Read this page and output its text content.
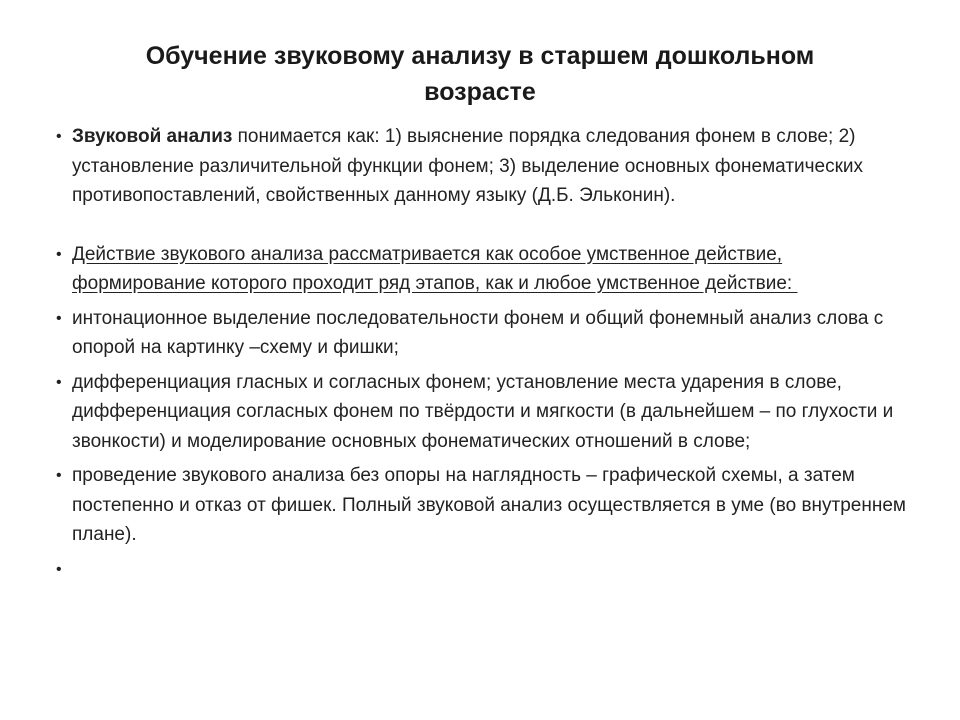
Обучение звуковому анализу в старшем дошкольном возрасте
• Звуковой анализ понимается как: 1) выяснение порядка следования фонем в слове; 2) установление различительной функции фонем; 3) выделение основных фонематических противопоставлений, свойственных данному языку (Д.Б. Эльконин).
• Действие звукового анализа рассматривается как особое умственное действие, формирование которого проходит ряд этапов, как и любое умственное действие:
• интонационное выделение последовательности фонем и общий фонемный анализ слова с опорой на картинку –схему и фишки;
• дифференциация гласных и согласных фонем; установление места ударения в слове, дифференциация согласных фонем по твёрдости и мягкости (в дальнейшем – по глухости и звонкости) и моделирование основных фонематических отношений в слове;
• проведение звукового анализа без опоры на наглядность – графической схемы, а затем постепенно и отказ от фишек. Полный звуковой анализ осуществляется в уме (во внутреннем плане).
•
